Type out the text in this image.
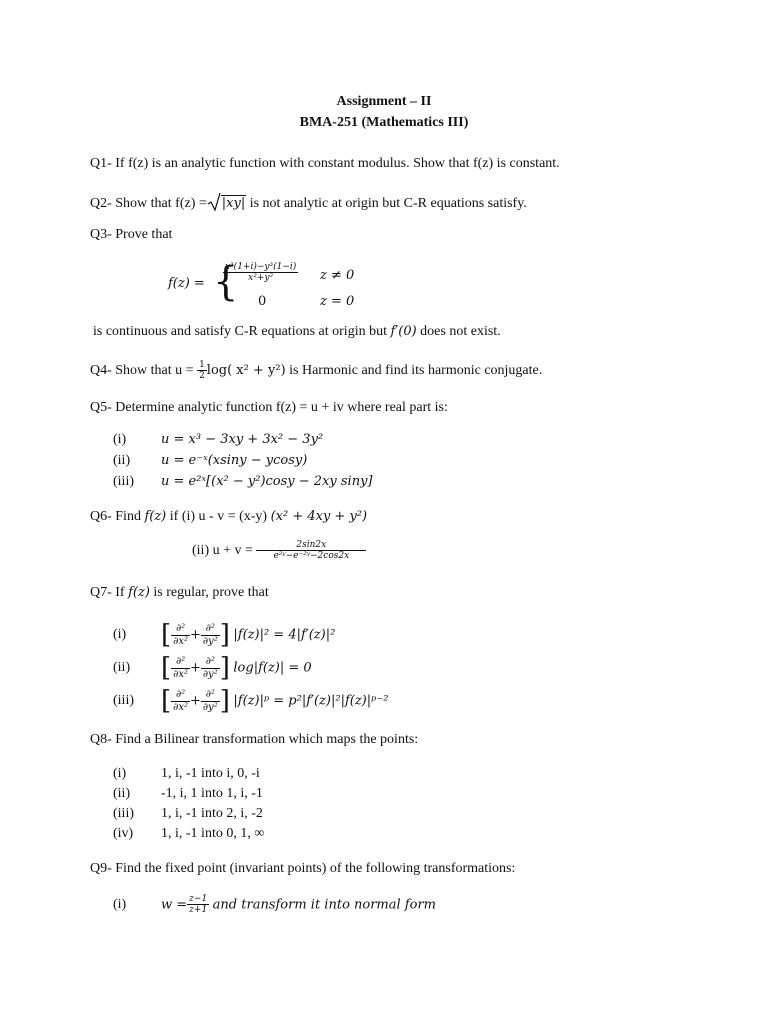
Assignment – II
BMA-251 (Mathematics III)
Q1- If f(z) is an analytic function with constant modulus. Show that f(z) is constant.
Q2- Show that f(z) = |xy| is not analytic at origin but C-R equations satisfy.
Q3- Prove that
f(z) = {
$\frac{\text{x³(1+i)−y³(1−i)}}{\text{x²+y²}}$ z ≠ 0
0	z = 0
is continuous and satisfy C-R equations at origin but f′(0) does not exist.
Q4- Show that $u = \frac{1}{2} \log$( x² + y²) is Harmonic and find its harmonic conjugate.
Q5- Determine analytic function f(z) = u + iv where real part is:
(i)	u = x³ − 3xy + 3x² − 3y²
(ii) u = e⁻ˣ(xsiny − ycosy)
(iii) u = e²ˣ[(x² − y²)cosy − 2xy siny]
Q6- Find f(z) if (i) u - v = (x-y) (x² + 4xy + y²)
(ii) $u + v = \frac{2\sin 2x}{\text{e²ʸ−e⁻²ʸ−2cos2x}}$
Q7- If f(z) is regular, prove that
(i) [ $\frac{\text{∂²}}{\text{∂x²}} + \frac{\text{∂²}}{\text{∂y²}}$ ] |f(z)|² = 4|f′(z)|²
(ii) [ $\frac{\text{∂²}}{\text{∂x²}} + \frac{\text{∂²}}{\text{∂y²}}$ ] log|f(z)| = 0
(iii) [ $\frac{\text{∂²}}{\text{∂x²}} + \frac{\text{∂²}}{\text{∂y²}}$ ] |f(z)|ᵖ = p²|f′(z)|²|f(z)|ᵖ⁻²
Q8- Find a Bilinear transformation which maps the points:
(i) 1, i, -1 into i, 0, -i
(ii) -1, i, 1 into 1, i, -1
(iii) 1, i, -1 into 2, i, -2
(iv) 1, i, -1 into 0, 1, ∞
Q9- Find the fixed point (invariant points) of the following transformations:
(i)	$w = \frac{z-1}{z+1}$ and transform it into normal form
